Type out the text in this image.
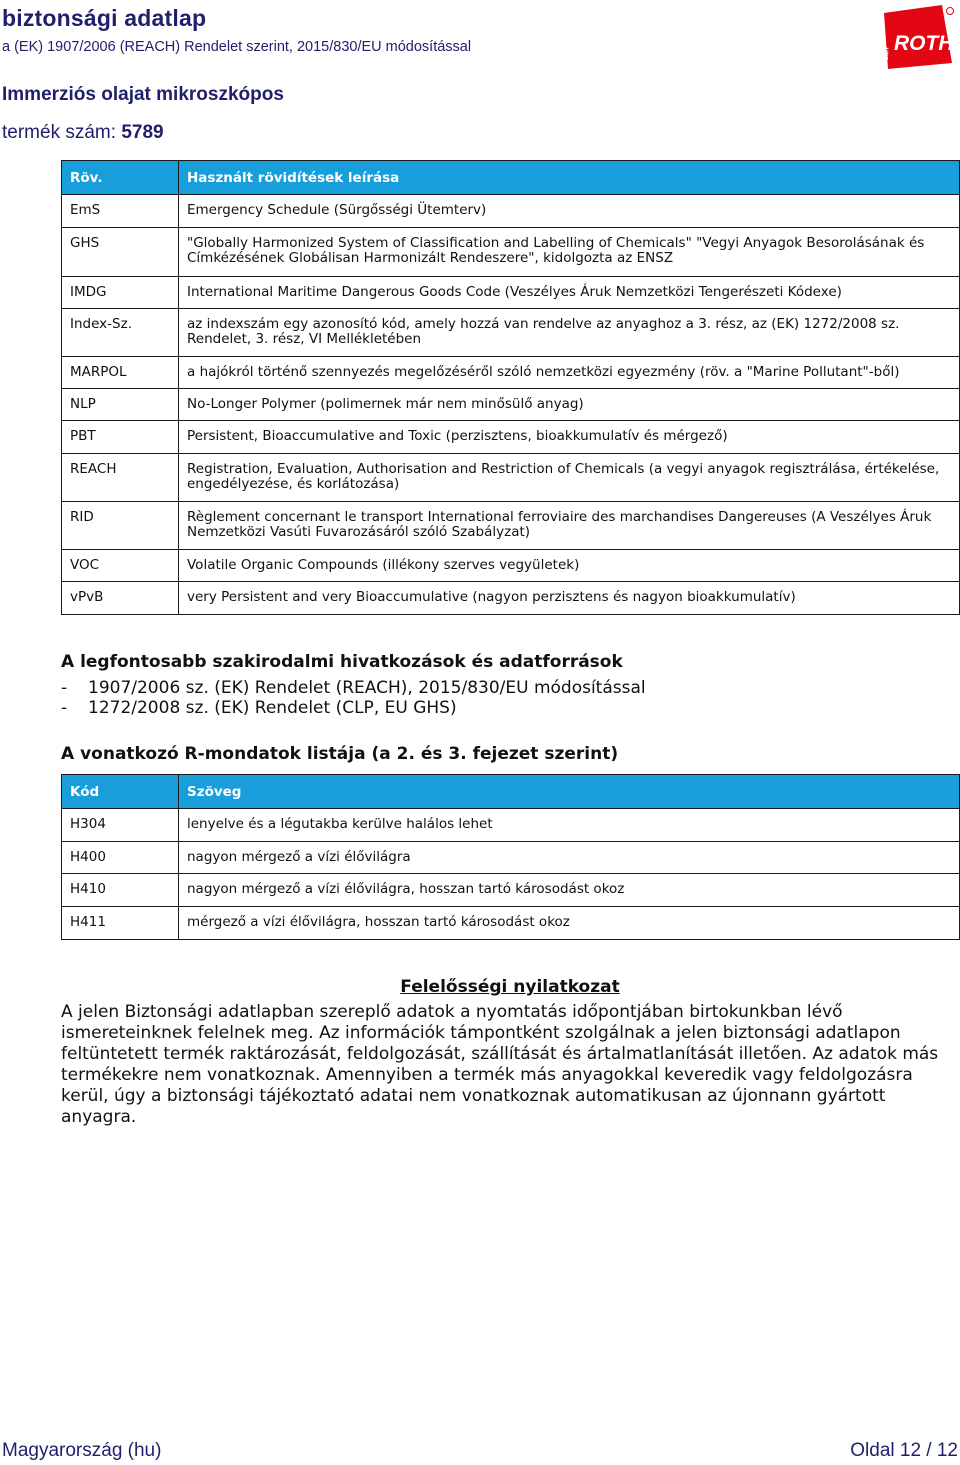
biztonsági adatlap
a (EK) 1907/2006 (REACH) Rendelet szerint, 2015/830/EU módosítással	Carl ROTH
Immerziós olajat mikroszkópos
termék szám: 5789
Röv.	Használt rövidítések leírása
EmS	Emergency Schedule (Sürgősségi Ütemterv)
GHS	"Globally Harmonized System of Classification and Labelling of Chemicals" "Vegyi Anyagok Besorolásának és Címkézésének Globálisan Harmonizált Rendeszere", kidolgozta az ENSZ
IMDG	International Maritime Dangerous Goods Code (Veszélyes Áruk Nemzetközi Tengerészeti Kódexe)
Index-Sz.	az indexszám egy azonosító kód, amely hozzá van rendelve az anyaghoz a 3. rész, az (EK) 1272/2008 sz. Rendelet, 3. rész, VI Mellékletében
MARPOL	a hajókról történő szennyezés megelőzéséről szóló nemzetközi egyezmény (röv. a "Marine Pollutant"-ből)
NLP	No-Longer Polymer (polimernek már nem minősülő anyag)
PBT	Persistent, Bioaccumulative and Toxic (perzisztens, bioakkumulatív és mérgező)
REACH	Registration, Evaluation, Authorisation and Restriction of Chemicals (a vegyi anyagok regisztrálása, értékelése, engedélyezése, és korlátozása)
RID	Règlement concernant le transport International ferroviaire des marchandises Dangereuses (A Veszélyes Áruk Nemzetközi Vasúti Fuvarozásáról szóló Szabályzat)
VOC	Volatile Organic Compounds (illékony szerves vegyületek)
vPvB	very Persistent and very Bioaccumulative (nagyon perzisztens és nagyon bioakkumulatív)
A legfontosabb szakirodalmi hivatkozások és adatforrások
-	1907/2006 sz. (EK) Rendelet (REACH), 2015/830/EU módosítással
-	1272/2008 sz. (EK) Rendelet (CLP, EU GHS)
A vonatkozó R-mondatok listája (a 2. és 3. fejezet szerint)
Kód	Szöveg
H304	lenyelve és a légutakba kerülve halálos lehet
H400	nagyon mérgező a vízi élővilágra
H410	nagyon mérgező a vízi élővilágra, hosszan tartó károsodást okoz
H411	mérgező a vízi élővilágra, hosszan tartó károsodást okoz
Felelősségi nyilatkozat
A jelen Biztonsági adatlapban szereplő adatok a nyomtatás időpontjában birtokunkban lévő ismereteinknek felelnek meg. Az információk támpontként szolgálnak a jelen biztonsági adatlapon feltüntetett termék raktározását, feldolgozását, szállítását és ártalmatlanítását illetően. Az adatok más termékekre nem vonatkoznak. Amennyiben a termék más anyagokkal keveredik vagy feldolgozásra kerül, úgy a biztonsági tájékoztató adatai nem vonatkoznak automatikusan az újonnann gyártott anyagra.
Magyarország (hu)	Oldal 12 / 12
